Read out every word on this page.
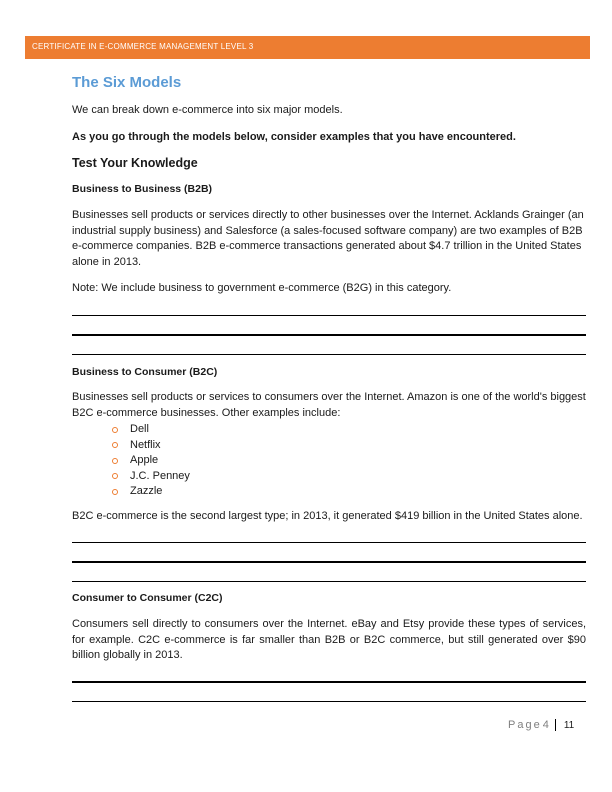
CERTIFICATE IN E-COMMERCE MANAGEMENT LEVEL 3
The Six Models

We can break down e-commerce into six major models.

As you go through the models below, consider examples that you have encountered.

Test Your Knowledge
Business to Business (B2B)

Businesses sell products or services directly to other businesses over the Internet. Acklands Grainger (an industrial supply business) and Salesforce (a sales-focused software company) are two examples of B2B e-commerce companies. B2B e-commerce transactions generated about $4.7 trillion in the United States alone in 2013.

Note: We include business to government e-commerce (B2G) in this category.

Business to Consumer (B2C)

Businesses sell products or services to consumers over the Internet. Amazon is one of the world's biggest B2C e-commerce businesses. Other examples include:

Dell
Netflix
Apple
J.C. Penney
Zazzle

B2C e-commerce is the second largest type; in 2013, it generated $419 billion in the United States alone.

Consumer to Consumer (C2C)

Consumers sell directly to consumers over the Internet. eBay and Etsy provide these types of services, for example. C2C e-commerce is far smaller than B2B or B2C commerce, but still generated over $90 billion globally in 2013.

Page 4 11
